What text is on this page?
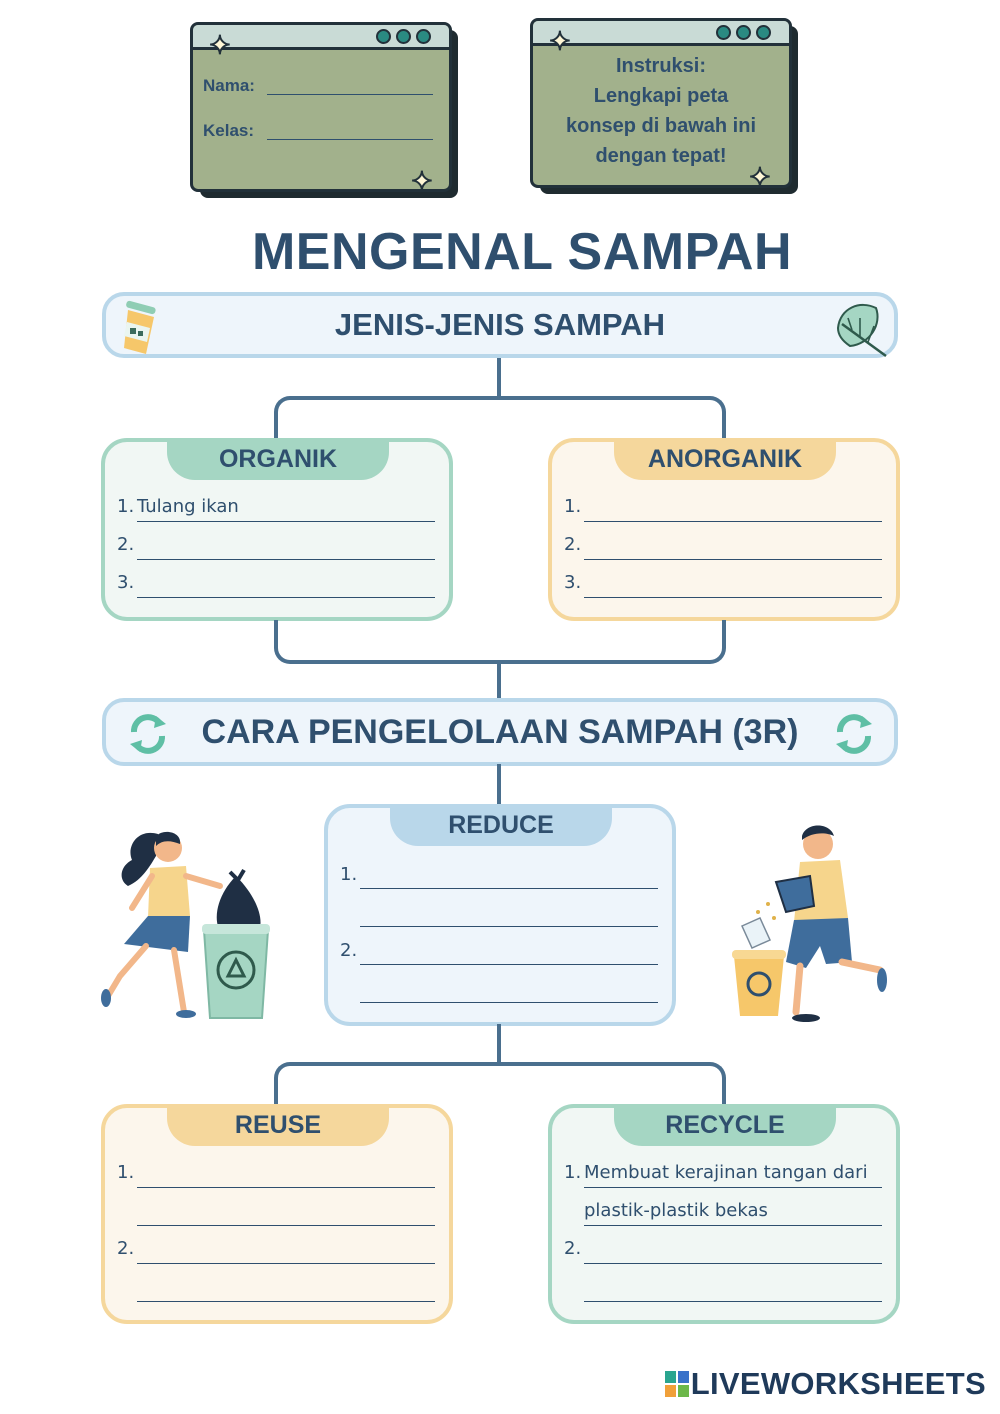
✦
Nama:
Kelas:
✦
✦
Instruksi:
Lengkapi peta
konsep di bawah ini
dengan tepat!
✦
MENGENAL SAMPAH
JENIS-JENIS SAMPAH
ORGANIK
1. Tulang ikan
2.
3.
ANORGANIK
1.
2.
3.
CARA PENGELOLAAN SAMPAH (3R)
REDUCE
1.
2.
REUSE
1.
2.
RECYCLE
1. Membuat kerajinan tangan dari
plastik-plastik bekas
2.
LIVEWORKSHEETS
